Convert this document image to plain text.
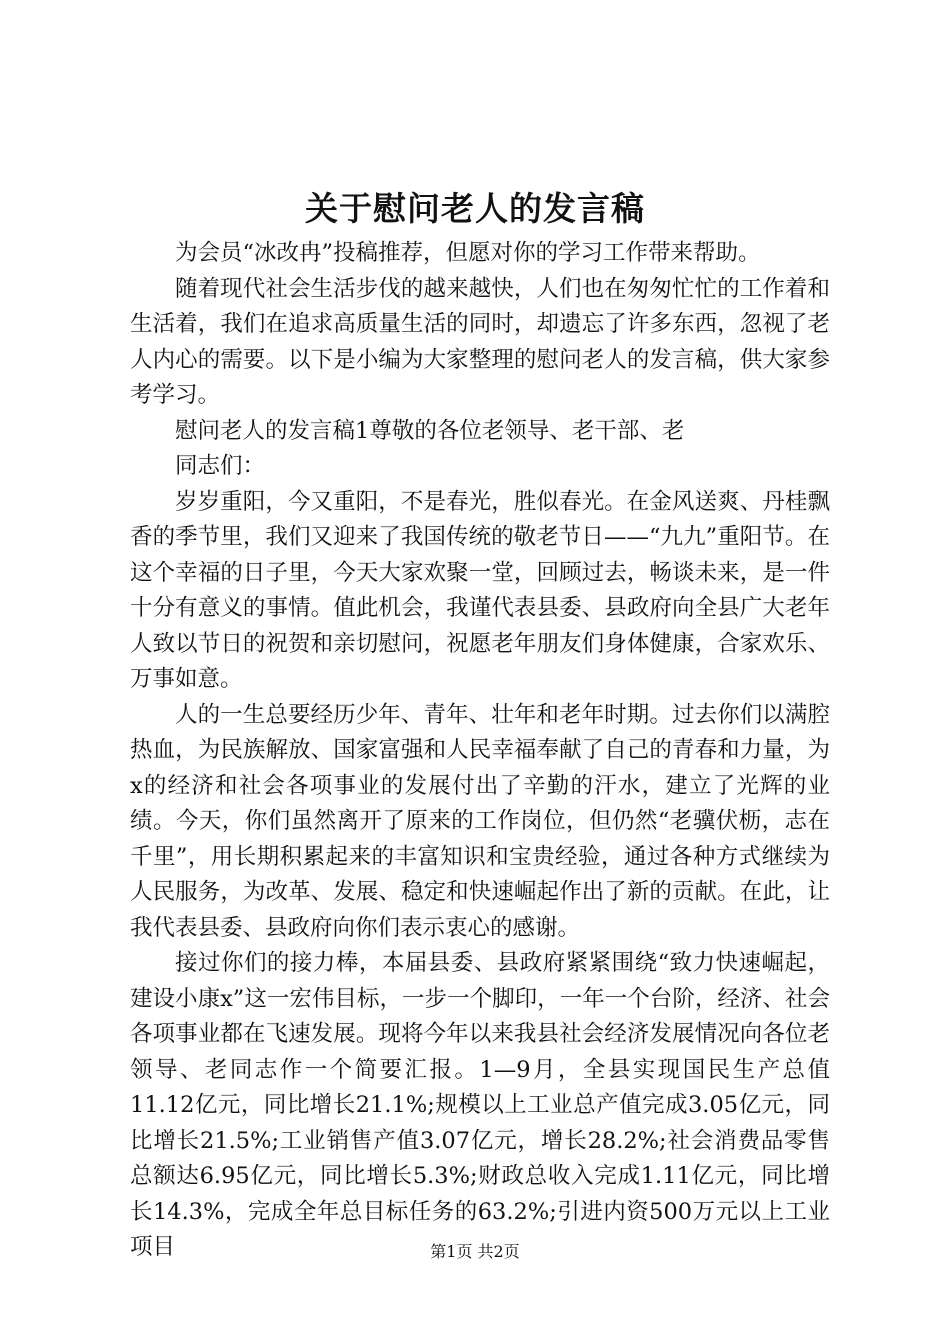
关于慰问老人的发言稿

为会员“冰改冉”投稿推荐，但愿对你的学习工作带来帮助。

随着现代社会生活步伐的越来越快，人们也在匆匆忙忙的工作着和生活着，我们在追求高质量生活的同时，却遗忘了许多东西，忽视了老人内心的需要。以下是小编为大家整理的慰问老人的发言稿，供大家参考学习。

慰问老人的发言稿1尊敬的各位老领导、老干部、老

同志们：

岁岁重阳，今又重阳，不是春光，胜似春光。在金风送爽、丹桂飘香的季节里，我们又迎来了我国传统的敬老节日——“九九”重阳节。在这个幸福的日子里，今天大家欢聚一堂，回顾过去，畅谈未来，是一件十分有意义的事情。值此机会，我谨代表县委、县政府向全县广大老年人致以节日的祝贺和亲切慰问，祝愿老年朋友们身体健康，合家欢乐、万事如意。

人的一生总要经历少年、青年、壮年和老年时期。过去你们以满腔热血，为民族解放、国家富强和人民幸福奉献了自己的青春和力量，为x的经济和社会各项事业的发展付出了辛勤的汗水，建立了光辉的业绩。今天，你们虽然离开了原来的工作岗位，但仍然“老骥伏枥，志在千里”，用长期积累起来的丰富知识和宝贵经验，通过各种方式继续为人民服务，为改革、发展、稳定和快速崛起作出了新的贡献。在此，让我代表县委、县政府向你们表示衷心的感谢。

接过你们的接力棒，本届县委、县政府紧紧围绕“致力快速崛起，建设小康x”这一宏伟目标，一步一个脚印，一年一个台阶，经济、社会各项事业都在飞速发展。现将今年以来我县社会经济发展情况向各位老领导、老同志作一个简要汇报。1—9月，全县实现国民生产总值11.12亿元，同比增长21.1%;规模以上工业总产值完成3.05亿元，同比增长21.5%;工业销售产值3.07亿元，增长28.2%;社会消费品零售总额达6.95亿元，同比增长5.3%;财政总收入完成1.11亿元，同比增长14.3%，完成全年总目标任务的63.2%;引进内资500万元以上工业项目	第1页 共2页
